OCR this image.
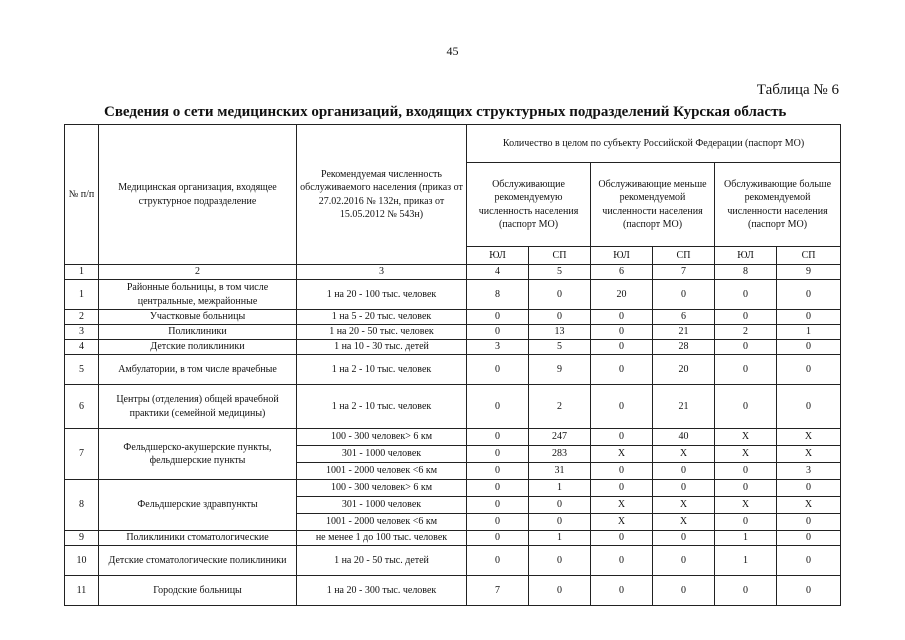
45
Таблица № 6
Сведения о сети медицинских организаций, входящих структурных подразделений Курская область
№ п/п	Медицинская организация, входящее структурное подразделение	Рекомендуемая численность обслуживаемого населения (приказ от 27.02.2016 № 132н, приказ от 15.05.2012 № 543н)	Количество в целом по субъекту Российской Федерации (паспорт МО)					
			Обслуживающие рекомендуемую численность населения (паспорт МО)		Обслуживающие меньше рекомендуемой численности населения (паспорт МО)		Обслуживающие больше рекомендуемой численности населения (паспорт МО)	
			ЮЛ	СП	ЮЛ	СП	ЮЛ	СП
1	2	3	4	5	6	7	8	9
1	Районные больницы, в том числе центральные, межрайонные	1 на 20 - 100 тыс. человек	8	0	20	0	0	0
2	Участковые больницы	1 на 5 - 20 тыс. человек	0	0	0	6	0	0
3	Поликлиники	1 на 20 - 50 тыс. человек	0	13	0	21	2	1
4	Детские поликлиники	1 на 10 - 30 тыс. детей	3	5	0	28	0	0
5	Амбулатории, в том числе врачебные	1 на 2 - 10 тыс. человек	0	9	0	20	0	0
6	Центры (отделения) общей врачебной практики (семейной медицины)	1 на 2 - 10 тыс. человек	0	2	0	21	0	0
7	Фельдшерско-акушерские пункты, фельдшерские пункты	100 - 300 человек> 6 км	0	247	0	40	X	X
		301 - 1000 человек	0	283	X	X	X	X
		1001 - 2000 человек <6 км	0	31	0	0	0	3
8	Фельдшерские здравпункты	100 - 300 человек> 6 км	0	1	0	0	0	0
		301 - 1000 человек	0	0	X	X	X	X
		1001 - 2000 человек <6 км	0	0	X	X	0	0
9	Поликлиники стоматологические	не менее 1 до 100 тыс. человек	0	1	0	0	1	0
10	Детские стоматологические поликлиники	1 на 20 - 50 тыс. детей	0	0	0	0	1	0
11	Городские больницы	1 на 20 - 300 тыс. человек	7	0	0	0	0	0
